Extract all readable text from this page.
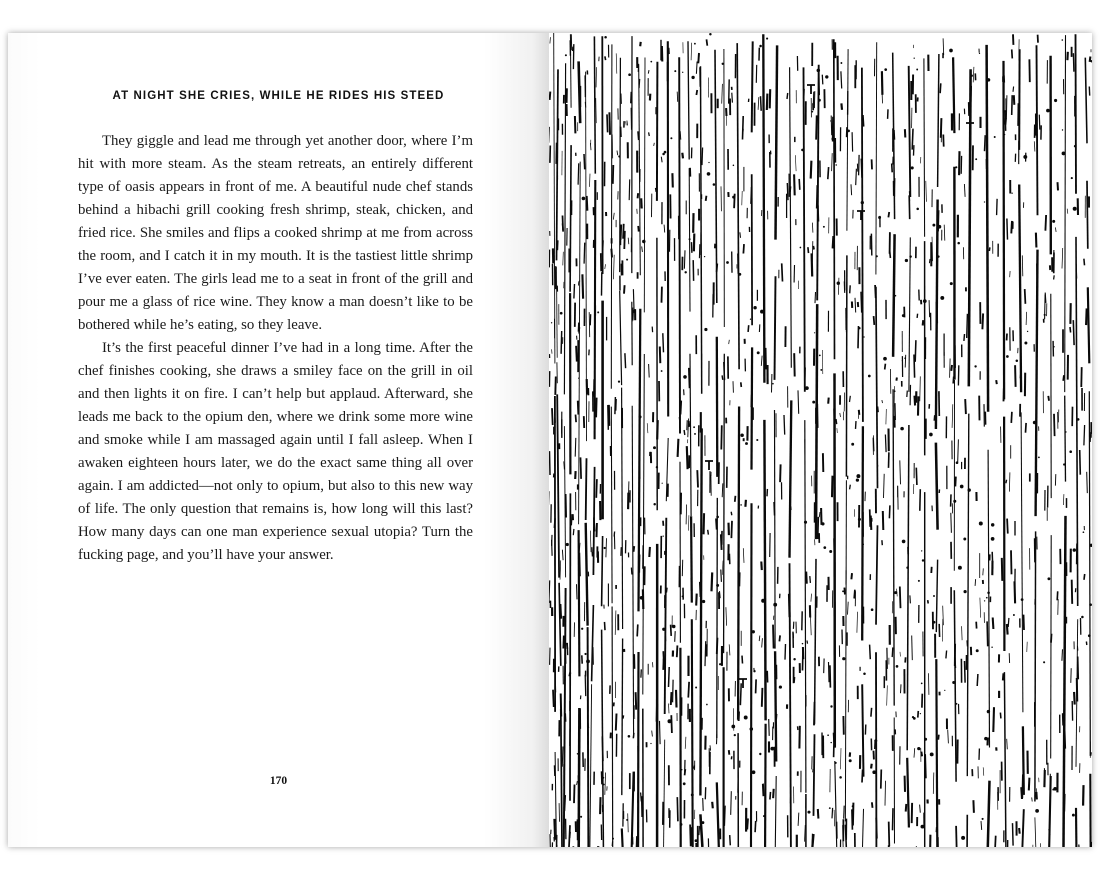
AT NIGHT SHE CRIES, WHILE HE RIDES HIS STEED

They giggle and lead me through yet another door, where I’m hit with more steam. As the steam retreats, an entirely different type of oasis appears in front of me. A beautiful nude chef stands behind a hibachi grill cooking fresh shrimp, steak, chicken, and fried rice. She smiles and flips a cooked shrimp at me from across the room, and I catch it in my mouth. It is the tastiest little shrimp I’ve ever eaten. The girls lead me to a seat in front of the grill and pour me a glass of rice wine. They know a man doesn’t like to be bothered while he’s eating, so they leave.

It’s the first peaceful dinner I’ve had in a long time. After the chef finishes cooking, she draws a smiley face on the grill in oil and then lights it on fire. I can’t help but applaud. Afterward, she leads me back to the opium den, where we drink some more wine and smoke while I am massaged again until I fall asleep. When I awaken eighteen hours later, we do the exact same thing all over again. I am addicted—not only to opium, but also to this new way of life. The only question that remains is, how long will this last? How many days can one man experience sexual utopia? Turn the fucking page, and you’ll have your answer.

170
